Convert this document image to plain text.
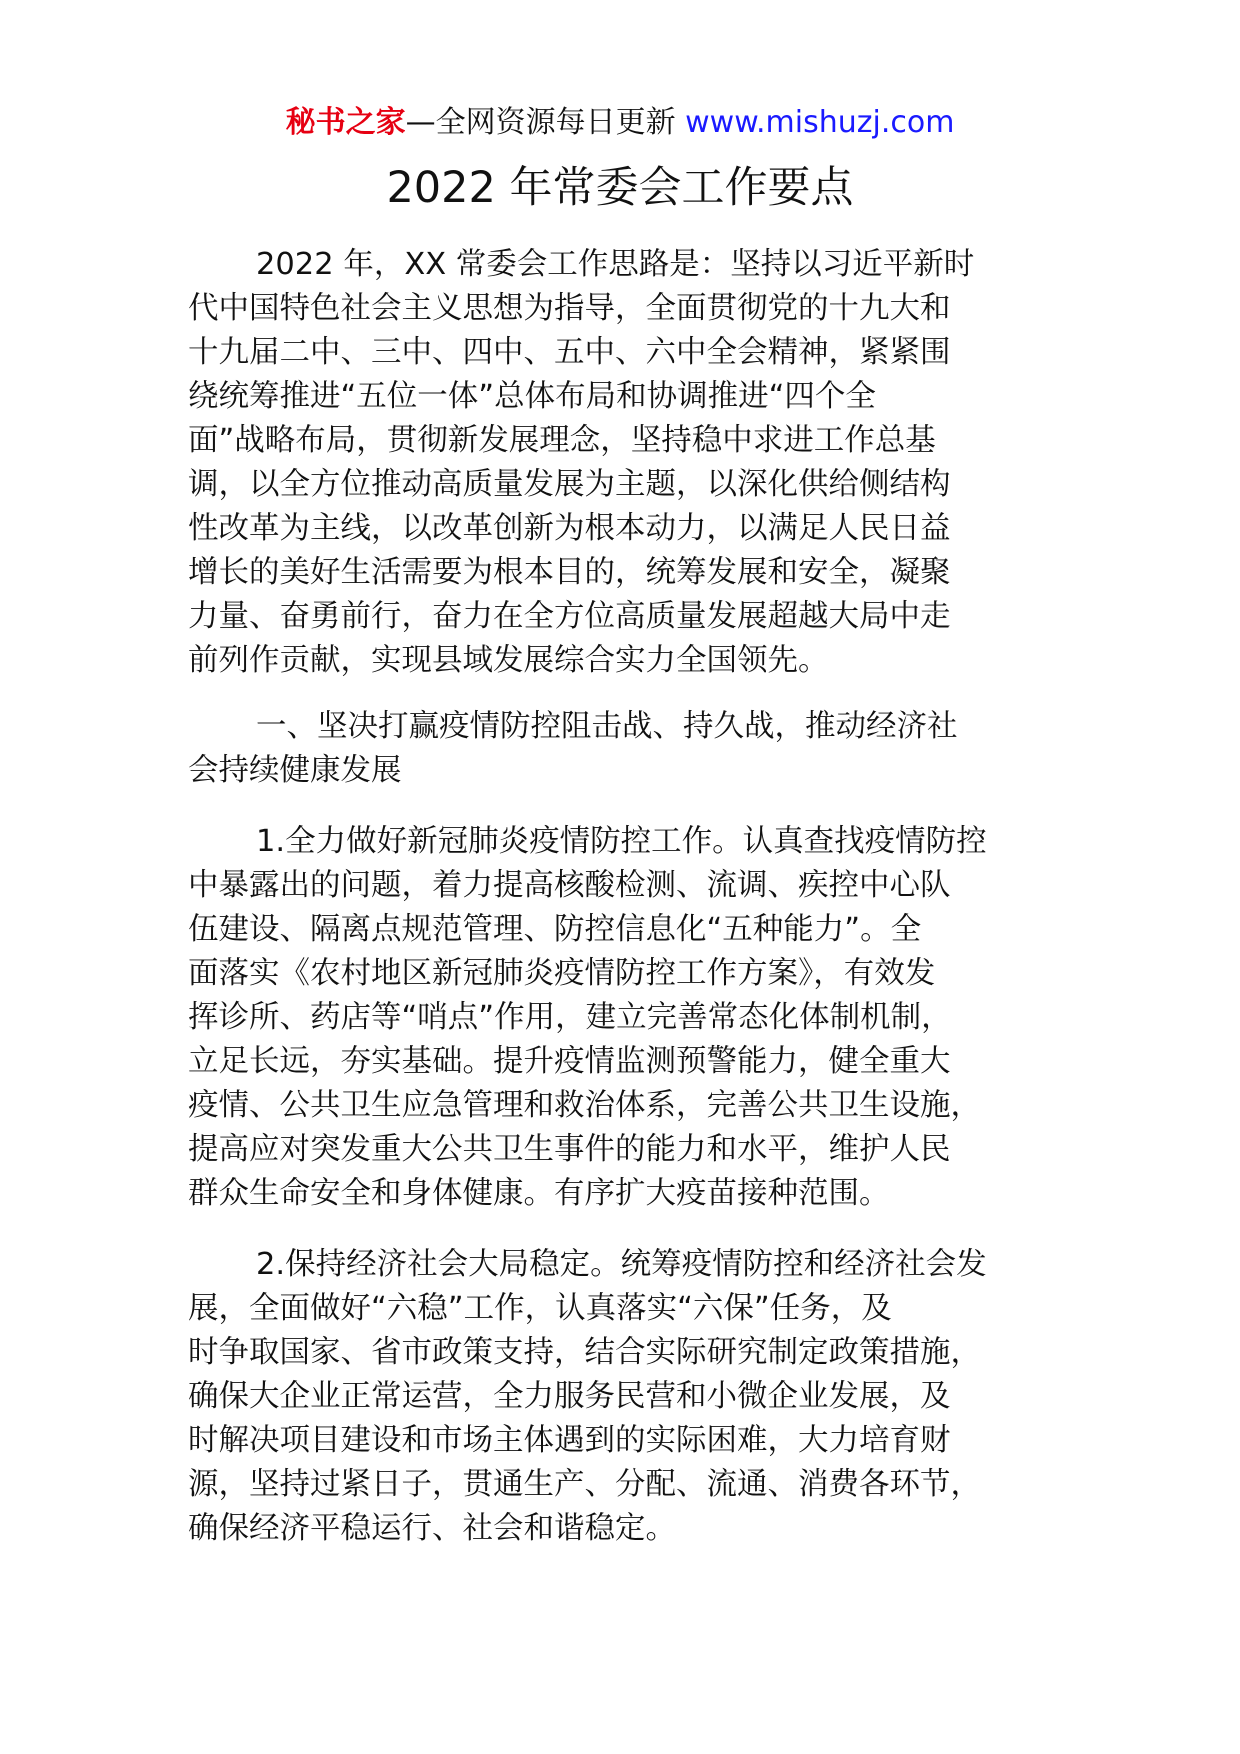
秘书之家—全网资源每日更新 www.mishuzj.com
2022 年常委会工作要点

2022 年，XX 常委会工作思路是：坚持以习近平新时
代中国特色社会主义思想为指导，全面贯彻党的十九大和
十九届二中、三中、四中、五中、六中全会精神，紧紧围
绕统筹推进“五位一体”总体布局和协调推进“四个全
面”战略布局，贯彻新发展理念，坚持稳中求进工作总基
调，以全方位推动高质量发展为主题，以深化供给侧结构
性改革为主线，以改革创新为根本动力，以满足人民日益
增长的美好生活需要为根本目的，统筹发展和安全，凝聚
力量、奋勇前行，奋力在全方位高质量发展超越大局中走
前列作贡献，实现县域发展综合实力全国领先。

一、坚决打赢疫情防控阻击战、持久战，推动经济社
会持续健康发展

1.全力做好新冠肺炎疫情防控工作。认真查找疫情防控
中暴露出的问题，着力提高核酸检测、流调、疾控中心队
伍建设、隔离点规范管理、防控信息化“五种能力”。全
面落实《农村地区新冠肺炎疫情防控工作方案》，有效发
挥诊所、药店等“哨点”作用，建立完善常态化体制机制，
立足长远，夯实基础。提升疫情监测预警能力，健全重大
疫情、公共卫生应急管理和救治体系，完善公共卫生设施，
提高应对突发重大公共卫生事件的能力和水平，维护人民
群众生命安全和身体健康。有序扩大疫苗接种范围。

2.保持经济社会大局稳定。统筹疫情防控和经济社会发
展，全面做好“六稳”工作，认真落实“六保”任务，及
时争取国家、省市政策支持，结合实际研究制定政策措施，
确保大企业正常运营，全力服务民营和小微企业发展，及
时解决项目建设和市场主体遇到的实际困难，大力培育财
源，坚持过紧日子，贯通生产、分配、流通、消费各环节，
确保经济平稳运行、社会和谐稳定。
